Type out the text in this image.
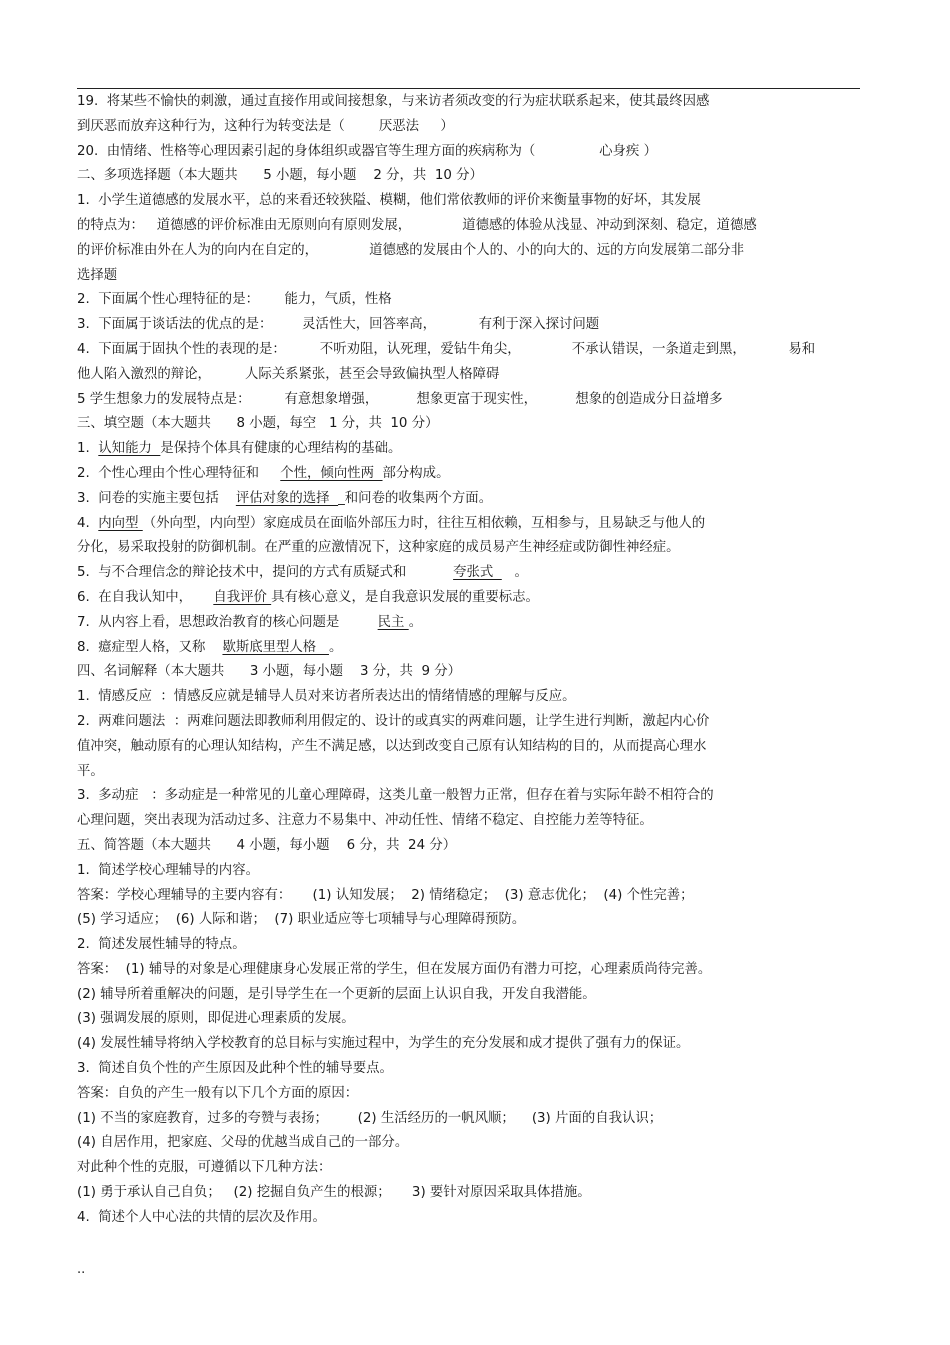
19.  将某些不愉快的刺激，通过直接作用或间接想象，与来访者须改变的行为症状联系起来，使其最终因感
到厌恶而放弃这种行为，这种行为转变法是（        厌恶法     ）
20.  由情绪、性格等心理因素引起的身体组织或器官等生理方面的疾病称为（               心身疾 ）
二、多项选择题（本大题共      5 小题，每小题    2 分，共  10 分）
1.  小学生道德感的发展水平，总的来看还较狭隘、模糊，他们常依教师的评价来衡量事物的好坏，其发展
的特点为：   道德感的评价标准由无原则向有原则发展，            道德感的体验从浅显、冲动到深刻、稳定，道德感
的评价标准由外在人为的向内在自定的，            道德感的发展由个人的、小的向大的、远的方向发展第二部分非
选择题
2.  下面属个性心理特征的是：      能力，气质，性格
3.  下面属于谈话法的优点的是：       灵活性大，回答率高，          有利于深入探讨问题
4.  下面属于固执个性的表现的是：        不听劝阻，认死理，爱钻牛角尖，            不承认错误，一条道走到黑，          易和
他人陷入激烈的辩论，        人际关系紧张，甚至会导致偏执型人格障碍
5 学生想象力的发展特点是：        有意想象增强，         想象更富于现实性，         想象的创造成分日益增多
三、填空题（本大题共      8 小题，每空   1 分，共  10 分）
1.  认知能力  是保持个体具有健康的心理结构的基础。
2.  个性心理由个性心理特征和     个性，倾向性两  部分构成。
3.  问卷的实施主要包括    评估对象的选择  _和问卷的收集两个方面。
4.  内向型 （外向型，内向型）家庭成员在面临外部压力时，往往互相依赖，互相参与，且易缺乏与他人的
分化，易采取投射的防御机制。在严重的应激情况下，这种家庭的成员易产生神经症或防御性神经症。
5.  与不合理信念的辩论技术中，提问的方式有质疑式和           夸张式     。
6.  在自我认知中，     自我评价 具有核心意义，是自我意识发展的重要标志。
7.  从内容上看，思想政治教育的核心问题是         民主 。
8.  癔症型人格，又称    歇斯底里型人格   。
四、名词解释（本大题共      3 小题，每小题    3 分，共  9 分）
1.  情感反应  ：情感反应就是辅导人员对来访者所表达出的情绪情感的理解与反应。
2.  两难问题法  ：两难问题法即教师利用假定的、设计的或真实的两难问题，让学生进行判断，激起内心价
值冲突，触动原有的心理认知结构，产生不满足感，以达到改变自己原有认知结构的目的，从而提高心理水
平。
3.  多动症   ：多动症是一种常见的儿童心理障碍，这类儿童一般智力正常，但存在着与实际年龄不相符合的
心理问题，突出表现为活动过多、注意力不易集中、冲动任性、情绪不稳定、自控能力差等特征。
五、简答题（本大题共      4 小题，每小题    6 分，共  24 分）
1.  简述学校心理辅导的内容。
答案：学校心理辅导的主要内容有：     (1) 认知发展；  2) 情绪稳定；  (3) 意志优化；  (4) 个性完善；
(5) 学习适应；  (6) 人际和谐；  (7) 职业适应等七项辅导与心理障碍预防。
2.  简述发展性辅导的特点。
答案：  (1) 辅导的对象是心理健康身心发展正常的学生，但在发展方面仍有潜力可挖，心理素质尚待完善。
(2) 辅导所着重解决的问题，是引导学生在一个更新的层面上认识自我，开发自我潜能。
(3) 强调发展的原则，即促进心理素质的发展。
(4) 发展性辅导将纳入学校教育的总目标与实施过程中，为学生的充分发展和成才提供了强有力的保证。
3.  简述自负个性的产生原因及此种个性的辅导要点。
答案：自负的产生一般有以下几个方面的原因：
(1) 不当的家庭教育，过多的夸赞与表扬；       (2) 生活经历的一帆风顺；    (3) 片面的自我认识；
(4) 自居作用，把家庭、父母的优越当成自己的一部分。
对此种个性的克服，可遵循以下几种方法：
(1) 勇于承认自己自负；   (2) 挖掘自负产生的根源；     3) 要针对原因采取具体措施。
4.  简述个人中心法的共情的层次及作用。
..
